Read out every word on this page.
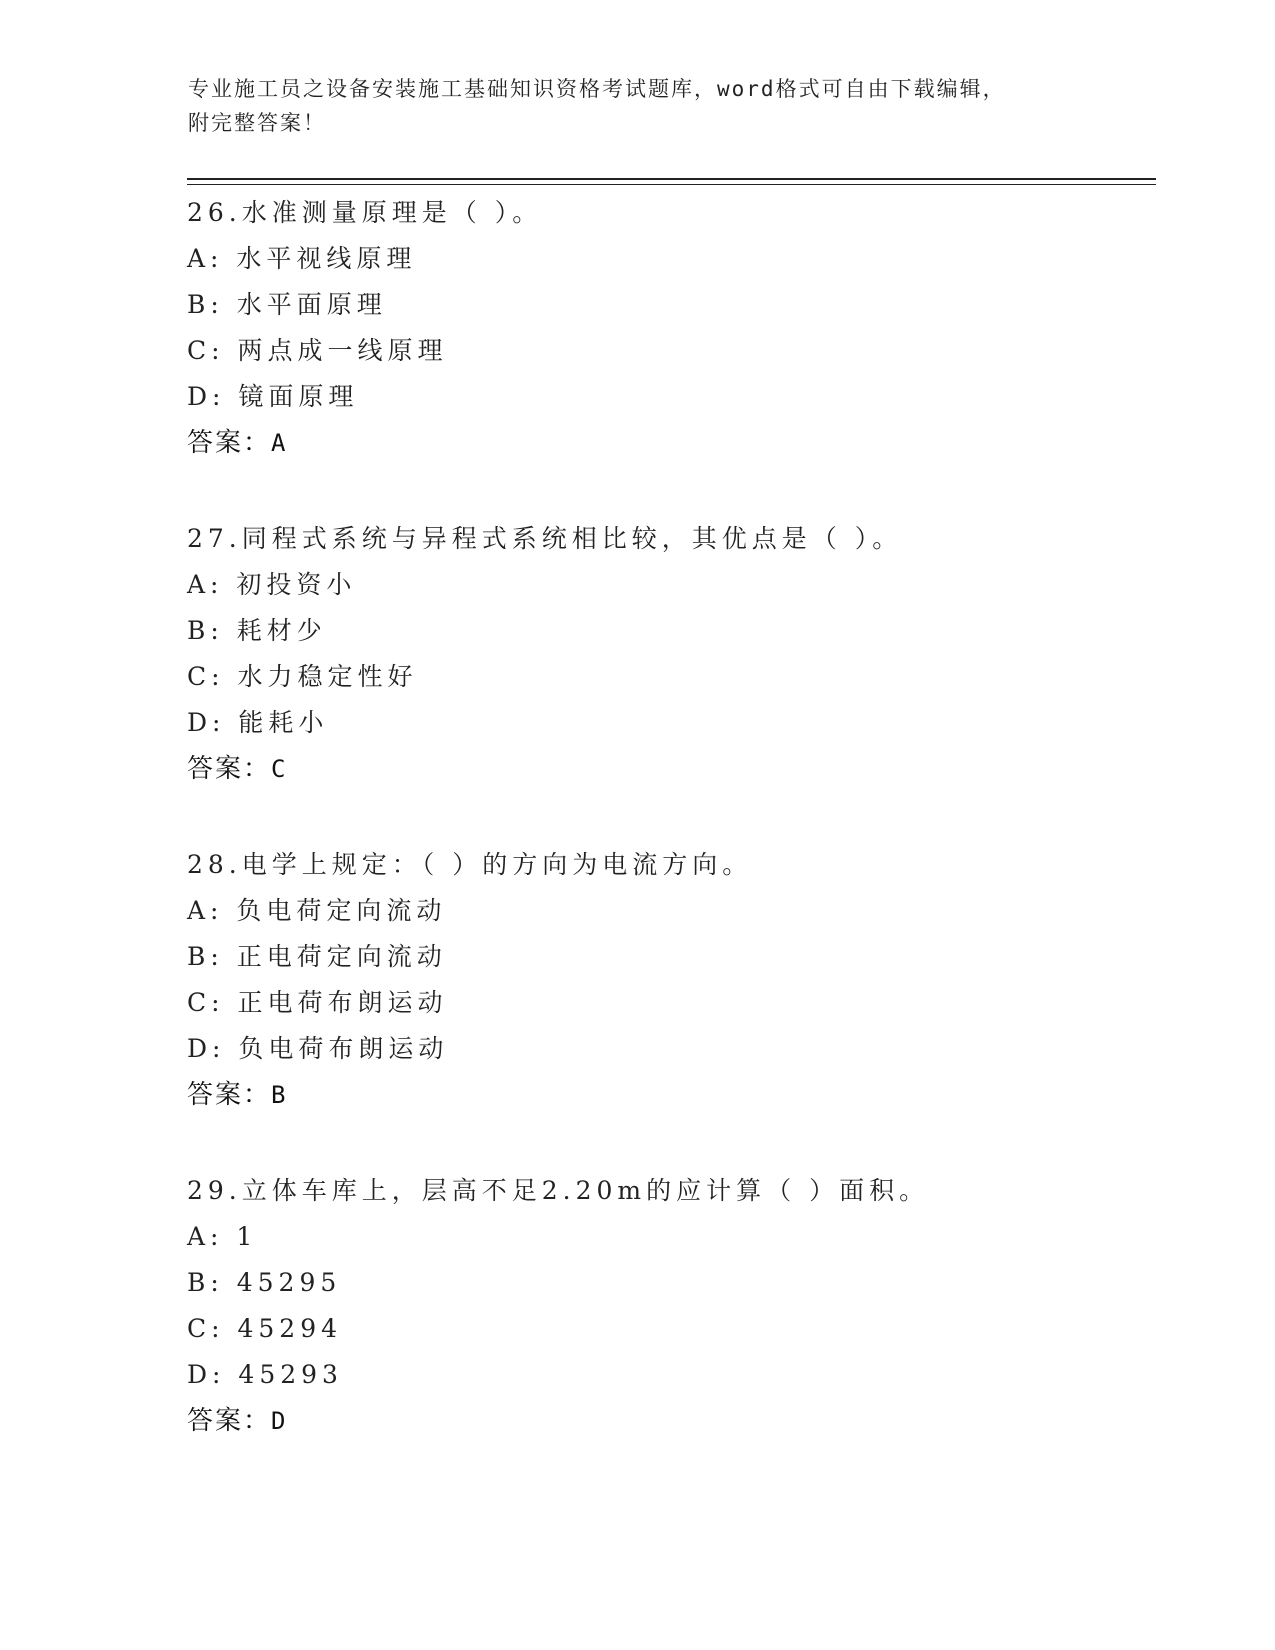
专业施工员之设备安装施工基础知识资格考试题库，word格式可自由下载编辑，
附完整答案！
26.水准测量原理是（ ）。
A: 水平视线原理
B: 水平面原理
C: 两点成一线原理
D: 镜面原理
答案：A
27.同程式系统与异程式系统相比较，其优点是（ ）。
A: 初投资小
B: 耗材少
C: 水力稳定性好
D: 能耗小
答案：C
28.电学上规定：（ ）的方向为电流方向。
A: 负电荷定向流动
B: 正电荷定向流动
C: 正电荷布朗运动
D: 负电荷布朗运动
答案：B
29.立体车库上，层高不足2.20m的应计算（ ）面积。
A: 1
B: 45295
C: 45294
D: 45293
答案：D
